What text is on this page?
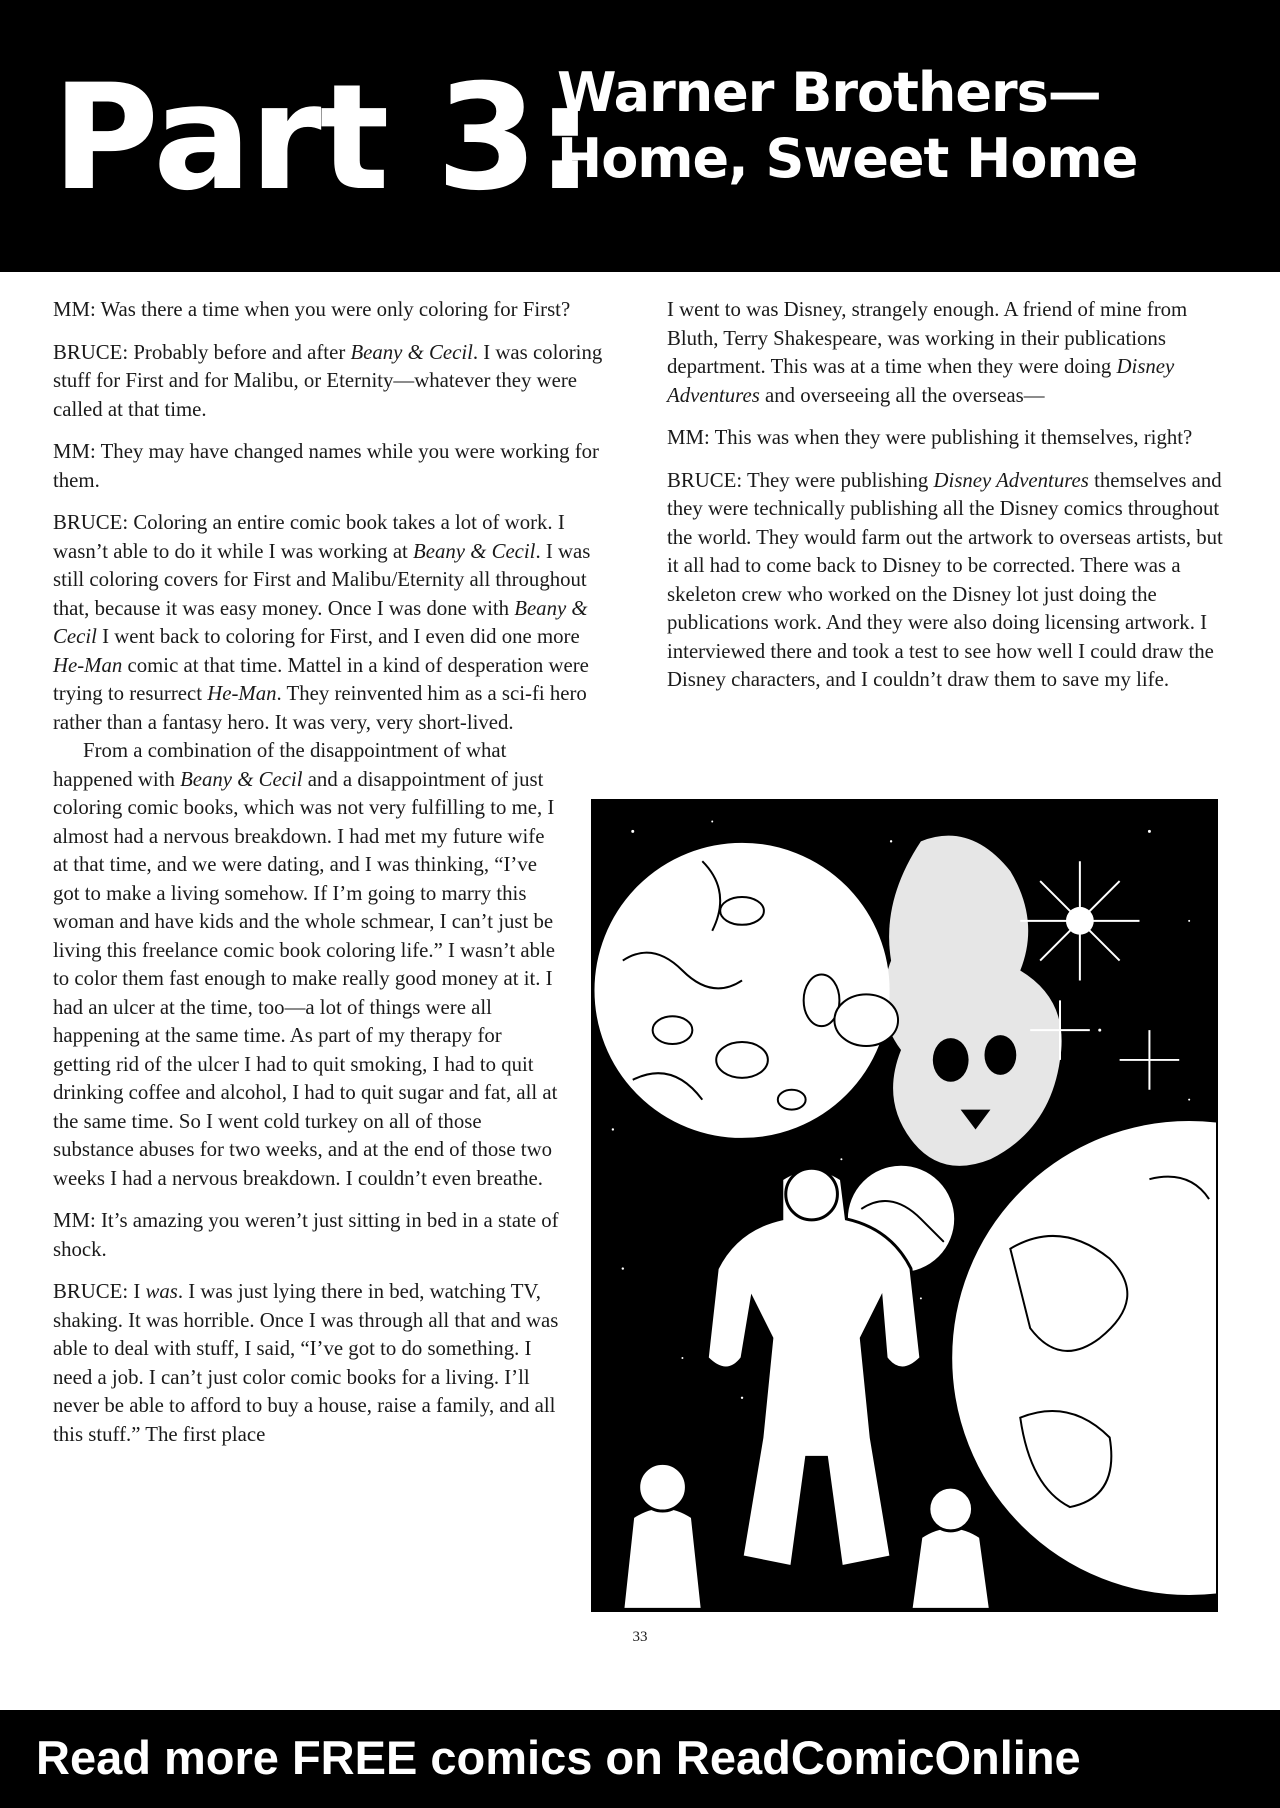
Part 3:
Warner Brothers—
Home, Sweet Home

MM: Was there a time when you were only coloring for First?

BRUCE: Probably before and after Beany & Cecil. I was coloring stuff for First and for Malibu, or Eternity—whatever they were called at that time.

MM: They may have changed names while you were working for them.

BRUCE: Coloring an entire comic book takes a lot of work. I wasn’t able to do it while I was working at Beany & Cecil. I was still coloring covers for First and Malibu/Eternity all throughout that, because it was easy money. Once I was done with Beany & Cecil I went back to coloring for First, and I even did one more He-Man comic at that time. Mattel in a kind of desperation were trying to resurrect He-Man. They reinvented him as a sci-fi hero rather than a fantasy hero. It was very, very short-lived.

From a combination of the disappointment of what happened with Beany & Cecil and a disappointment of just coloring comic books, which was not very fulfilling to me, I almost had a nervous breakdown. I had met my future wife at that time, and we were dating, and I was thinking, “I’ve got to make a living somehow. If I’m going to marry this woman and have kids and the whole schmear, I can’t just be living this freelance comic book coloring life.” I wasn’t able to color them fast enough to make really good money at it. I had an ulcer at the time, too—a lot of things were all happening at the same time. As part of my therapy for getting rid of the ulcer I had to quit smoking, I had to quit drinking coffee and alcohol, I had to quit sugar and fat, all at the same time. So I went cold turkey on all of those substance abuses for two weeks, and at the end of those two weeks I had a nervous breakdown. I couldn’t even breathe.

MM: It’s amazing you weren’t just sitting in bed in a state of shock.

BRUCE: I was. I was just lying there in bed, watching TV, shaking. It was horrible. Once I was through all that and was able to deal with stuff, I said, “I’ve got to do something. I need a job. I can’t just color comic books for a living. I’ll never be able to afford to buy a house, raise a family, and all this stuff.” The first place

I went to was Disney, strangely enough. A friend of mine from Bluth, Terry Shakespeare, was working in their publications department. This was at a time when they were doing Disney Adventures and overseeing all the overseas—

MM: This was when they were publishing it themselves, right?

BRUCE: They were publishing Disney Adventures themselves and they were technically publishing all the Disney comics throughout the world. They would farm out the artwork to overseas artists, but it all had to come back to Disney to be corrected. There was a skeleton crew who worked on the Disney lot just doing the publications work. And they were also doing licensing artwork. I interviewed there and took a test to see how well I could draw the Disney characters, and I couldn’t draw them to save my life.

33
Read more FREE comics on ReadComicOnline
